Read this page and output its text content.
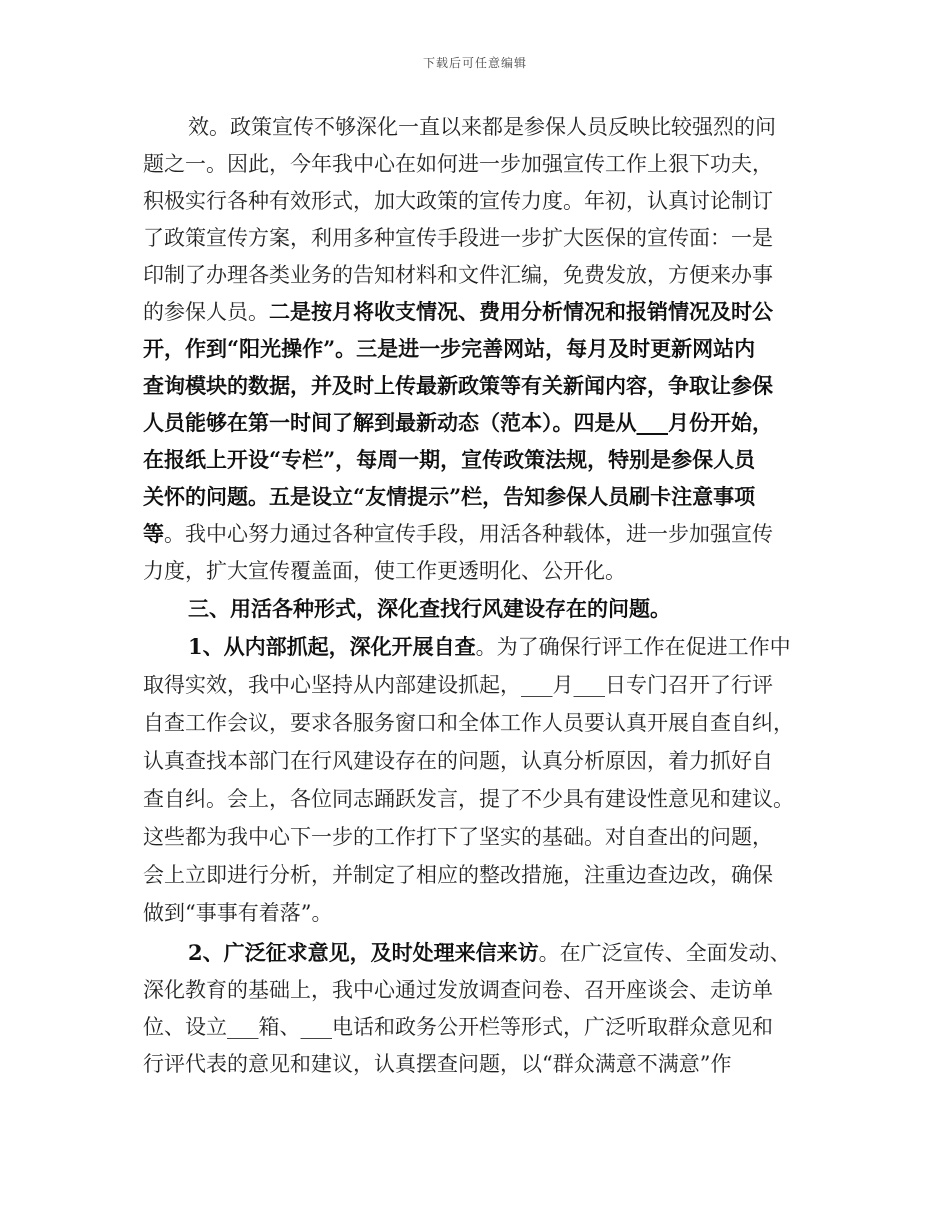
下载后可任意编辑
效。政策宣传不够深化一直以来都是参保人员反映比较强烈的问
题之一。因此，今年我中心在如何进一步加强宣传工作上狠下功夫，
积极实行各种有效形式，加大政策的宣传力度。年初，认真讨论制订
了政策宣传方案，利用多种宣传手段进一步扩大医保的宣传面：一是
印制了办理各类业务的告知材料和文件汇编，免费发放，方便来办事
的参保人员。二是按月将收支情况、费用分析情况和报销情况及时公
开，作到“阳光操作”。三是进一步完善网站，每月及时更新网站内
查询模块的数据，并及时上传最新政策等有关新闻内容，争取让参保
人员能够在第一时间了解到最新动态（范本）。四是从___月份开始，
在报纸上开设“专栏”，每周一期，宣传政策法规，特别是参保人员
关怀的问题。五是设立“友情提示”栏，告知参保人员刷卡注意事项
等。我中心努力通过各种宣传手段，用活各种载体，进一步加强宣传
力度，扩大宣传覆盖面，使工作更透明化、公开化。
三、用活各种形式，深化查找行风建设存在的问题。
1、从内部抓起，深化开展自查。为了确保行评工作在促进工作中
取得实效，我中心坚持从内部建设抓起，___月___日专门召开了行评
自查工作会议，要求各服务窗口和全体工作人员要认真开展自查自纠，
认真查找本部门在行风建设存在的问题，认真分析原因，着力抓好自
查自纠。会上，各位同志踊跃发言，提了不少具有建设性意见和建议。
这些都为我中心下一步的工作打下了坚实的基础。对自查出的问题，
会上立即进行分析，并制定了相应的整改措施，注重边查边改，确保
做到“事事有着落”。
2、广泛征求意见，及时处理来信来访。在广泛宣传、全面发动、
深化教育的基础上，我中心通过发放调查问卷、召开座谈会、走访单
位、设立___箱、___电话和政务公开栏等形式，广泛听取群众意见和
行评代表的意见和建议，认真摆查问题，以“群众满意不满意”作
